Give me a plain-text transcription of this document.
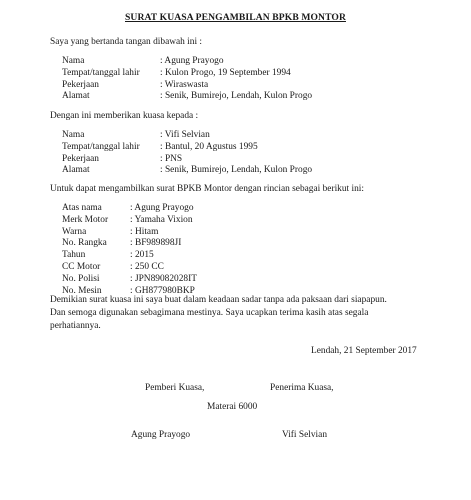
SURAT KUASA PENGAMBILAN BPKB MONTOR
Saya yang bertanda tangan dibawah ini :
Nama	: Agung Prayogo
Tempat/tanggal lahir : Kulon Progo, 19 September 1994
Pekerjaan	: Wiraswasta
Alamat	: Senik, Bumirejo, Lendah, Kulon Progo
Dengan ini memberikan kuasa kepada :
Nama	: Vifi Selvian
Tempat/tanggal lahir : Bantul, 20 Agustus 1995
Pekerjaan	: PNS
Alamat	: Senik, Bumirejo, Lendah, Kulon Progo
Untuk dapat mengambilkan surat BPKB Montor dengan rincian sebagai berikut ini:
Atas nama	: Agung Prayogo
Merk Motor : Yamaha Vixion
Warna	: Hitam
No. Rangka : BF989898JI
Tahun	: 2015
CC Motor	: 250 CC
No. Polisi	: JPN89082028IT
No. Mesin	: GH877980BKP
Demikian surat kuasa ini saya buat dalam keadaan sadar tanpa ada paksaan dari siapapun.
Dan semoga digunakan sebagimana mestinya. Saya ucapkan terima kasih atas segala
perhatiannya.
Lendah, 21 September 2017
Pemberi Kuasa,	Penerima Kuasa,
Materai 6000
Agung Prayogo	Vifi Selvian
